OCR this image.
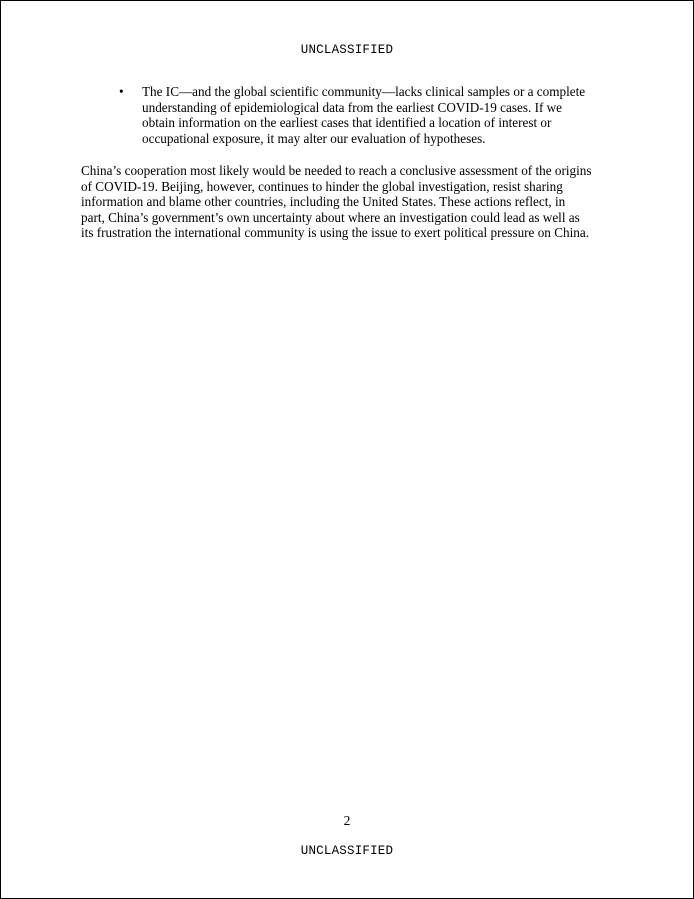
UNCLASSIFIED
• The IC—and the global scientific community—lacks clinical samples or a complete
understanding of epidemiological data from the earliest COVID-19 cases. If we
obtain information on the earliest cases that identified a location of interest or
occupational exposure, it may alter our evaluation of hypotheses.
China’s cooperation most likely would be needed to reach a conclusive assessment of the origins
of COVID-19. Beijing, however, continues to hinder the global investigation, resist sharing
information and blame other countries, including the United States. These actions reflect, in
part, China’s government’s own uncertainty about where an investigation could lead as well as
its frustration the international community is using the issue to exert political pressure on China.
2
UNCLASSIFIED
